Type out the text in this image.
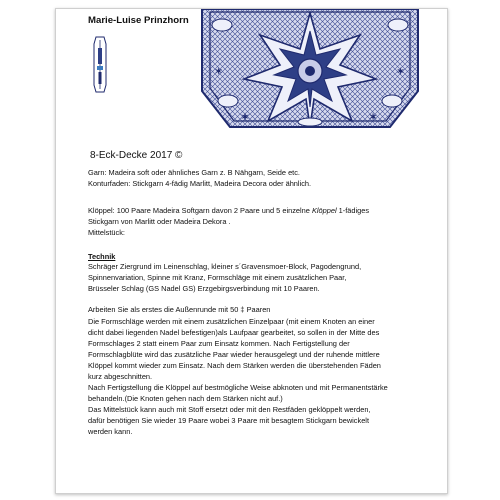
Marie-Luise Prinzhorn
✶	✶
✶	✶
8-Eck-Decke 2017 ©
Garn: Madeira soft oder ähnliches Garn z. B Nähgarn, Seide etc.
Konturfaden: Stickgarn 4-fädig Marlitt, Madeira Decora oder ähnlich.
Klöppel: 100 Paare Madeira Softgarn davon 2 Paare und 5 einzelne Klöppel 1-fädiges
Stickgarn von Marlitt oder Madeira Dekora .
Mittelstück:
Technik
Schräger Ziergrund im Leinenschlag, kleiner s´Gravensmoer-Block, Pagodengrund,
Spinnenvariation, Spinne mit Kranz, Formschläge mit einem zusätzlichen Paar,
Brüsseler Schlag (GS Nadel GS) Erzgebirgsverbindung mit 10 Paaren.
Arbeiten Sie als erstes die Außenrunde mit 50 ‡ Paaren
Die Formschläge werden mit einem zusätzlichen Einzelpaar (mit einem Knoten an einer
dicht dabei liegenden Nadel befestigen)als Laufpaar gearbeitet, so sollen in der Mitte des
Formschlages 2 statt einem Paar zum Einsatz kommen. Nach Fertigstellung der
Formschlagblüte wird das zusätzliche Paar wieder herausgelegt und der ruhende mittlere
Klöppel kommt wieder zum Einsatz. Nach dem Stärken werden die überstehenden Fäden
kurz abgeschnitten.
Nach Fertigstellung die Klöppel auf bestmögliche Weise abknoten und mit Permanentstärke
behandeln.(Die Knoten gehen nach dem Stärken nicht auf.)
Das Mittelstück kann auch mit Stoff ersetzt oder mit den Restfäden geklöppelt werden,
dafür benötigen Sie wieder 19 Paare wobei 3 Paare mit besagtem Stickgarn bewickelt
werden kann.
